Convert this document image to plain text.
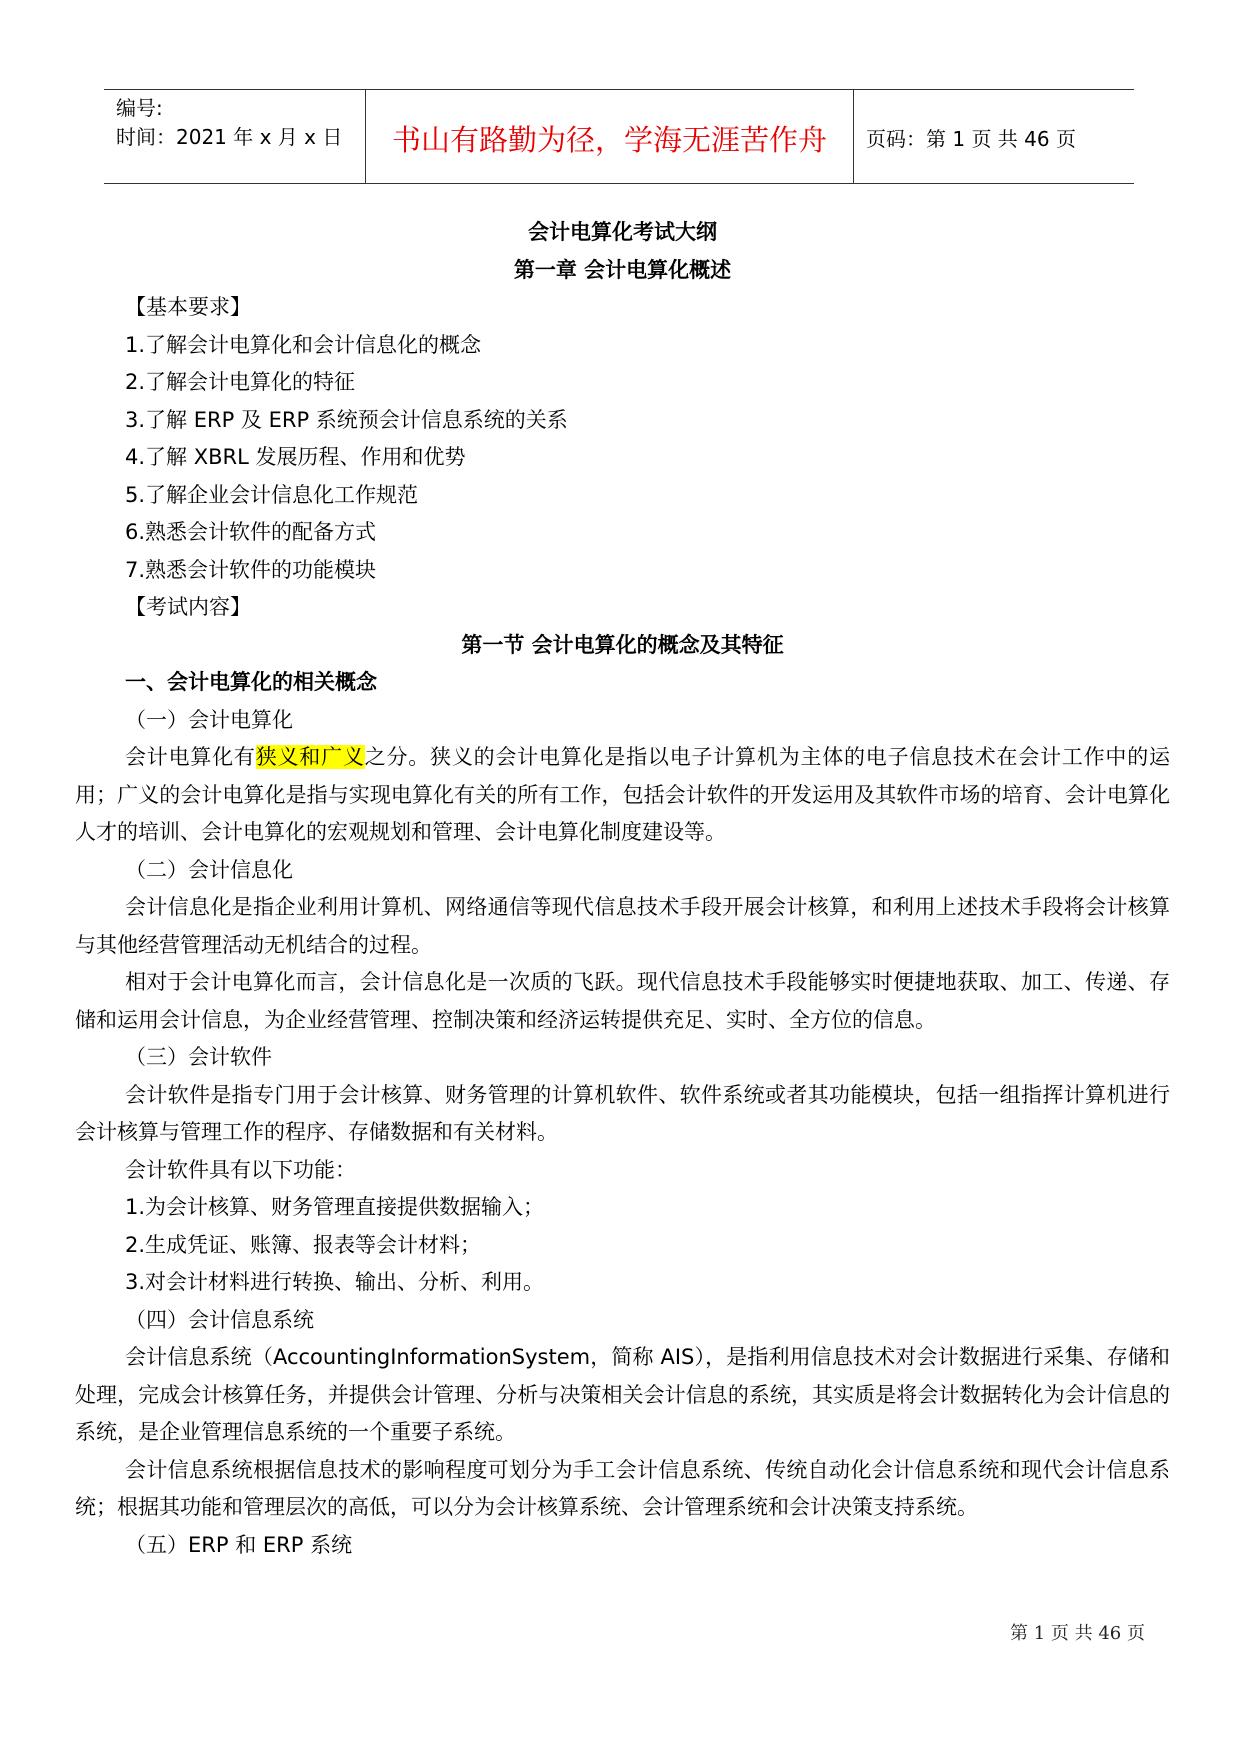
编号:
时间：2021 年 x 月 x 日	书山有路勤为径，学海无涯苦作舟	页码：第 1 页 共 46 页

会计电算化考试大纲

第一章 会计电算化概述

【基本要求】

1.了解会计电算化和会计信息化的概念

2.了解会计电算化的特征

3.了解 ERP 及 ERP 系统预会计信息系统的关系

4.了解 XBRL 发展历程、作用和优势

5.了解企业会计信息化工作规范

6.熟悉会计软件的配备方式

7.熟悉会计软件的功能模块

【考试内容】

第一节 会计电算化的概念及其特征

一、会计电算化的相关概念

（一）会计电算化

会计电算化有狭义和广义之分。狭义的会计电算化是指以电子计算机为主体的电子信息技术在会计工作中的运用；广义的会计电算化是指与实现电算化有关的所有工作，包括会计软件的开发运用及其软件市场的培育、会计电算化人才的培训、会计电算化的宏观规划和管理、会计电算化制度建设等。

（二）会计信息化

会计信息化是指企业利用计算机、网络通信等现代信息技术手段开展会计核算，和利用上述技术手段将会计核算与其他经营管理活动无机结合的过程。

相对于会计电算化而言，会计信息化是一次质的飞跃。现代信息技术手段能够实时便捷地获取、加工、传递、存储和运用会计信息，为企业经营管理、控制决策和经济运转提供充足、实时、全方位的信息。

（三）会计软件

会计软件是指专门用于会计核算、财务管理的计算机软件、软件系统或者其功能模块，包括一组指挥计算机进行会计核算与管理工作的程序、存储数据和有关材料。

会计软件具有以下功能：

1.为会计核算、财务管理直接提供数据输入；

2.生成凭证、账簿、报表等会计材料；

3.对会计材料进行转换、输出、分析、利用。

（四）会计信息系统

会计信息系统（AccountingInformationSystem，简称 AIS），是指利用信息技术对会计数据进行采集、存储和处理，完成会计核算任务，并提供会计管理、分析与决策相关会计信息的系统，其实质是将会计数据转化为会计信息的系统，是企业管理信息系统的一个重要子系统。

会计信息系统根据信息技术的影响程度可划分为手工会计信息系统、传统自动化会计信息系统和现代会计信息系统；根据其功能和管理层次的高低，可以分为会计核算系统、会计管理系统和会计决策支持系统。

（五）ERP 和 ERP 系统

第 1 页 共 46 页
